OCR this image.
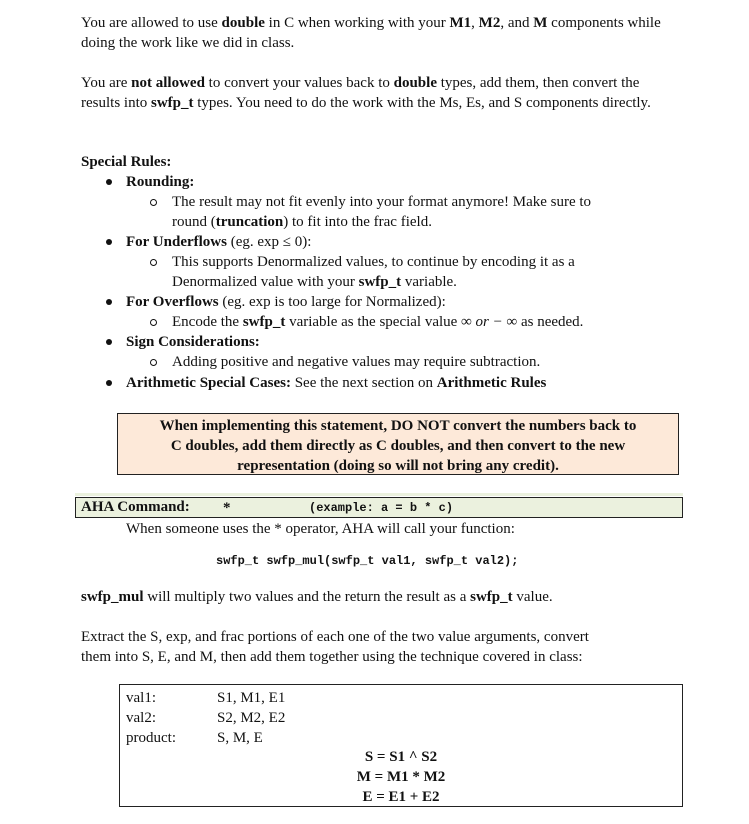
You are allowed to use double in C when working with your M1, M2, and M components while doing the work like we did in class.
You are not allowed to convert your values back to double types, add them, then convert the results into swfp_t types. You need to do the work with the Ms, Es, and S components directly.
Special Rules:
Rounding:
The result may not fit evenly into your format anymore! Make sure to
round (truncation) to fit into the frac field.
For Underflows (eg. exp ≤ 0):
This supports Denormalized values, to continue by encoding it as a
Denormalized value with your swfp_t variable.
For Overflows (eg. exp is too large for Normalized):
Encode the swfp_t variable as the special value ∞ or − ∞ as needed.
Sign Considerations:
Adding positive and negative values may require subtraction.
Arithmetic Special Cases: See the next section on Arithmetic Rules
When implementing this statement, DO NOT convert the numbers back to
C doubles, add them directly as C doubles, and then convert to the new
representation (doing so will not bring any credit).
AHA Command: *	(example: a = b * c)
When someone uses the * operator, AHA will call your function:
swfp_t swfp_mul(swfp_t val1, swfp_t val2);
swfp_mul will multiply two values and the return the result as a swfp_t value.
Extract the S, exp, and frac portions of each one of the two value arguments, convert
them into S, E, and M, then add them together using the technique covered in class:
val1:	S1, M1, E1
val2:	S2, M2, E2
product:	S, M, E
S = S1 ^ S2
M = M1 * M2
E = E1 + E2
